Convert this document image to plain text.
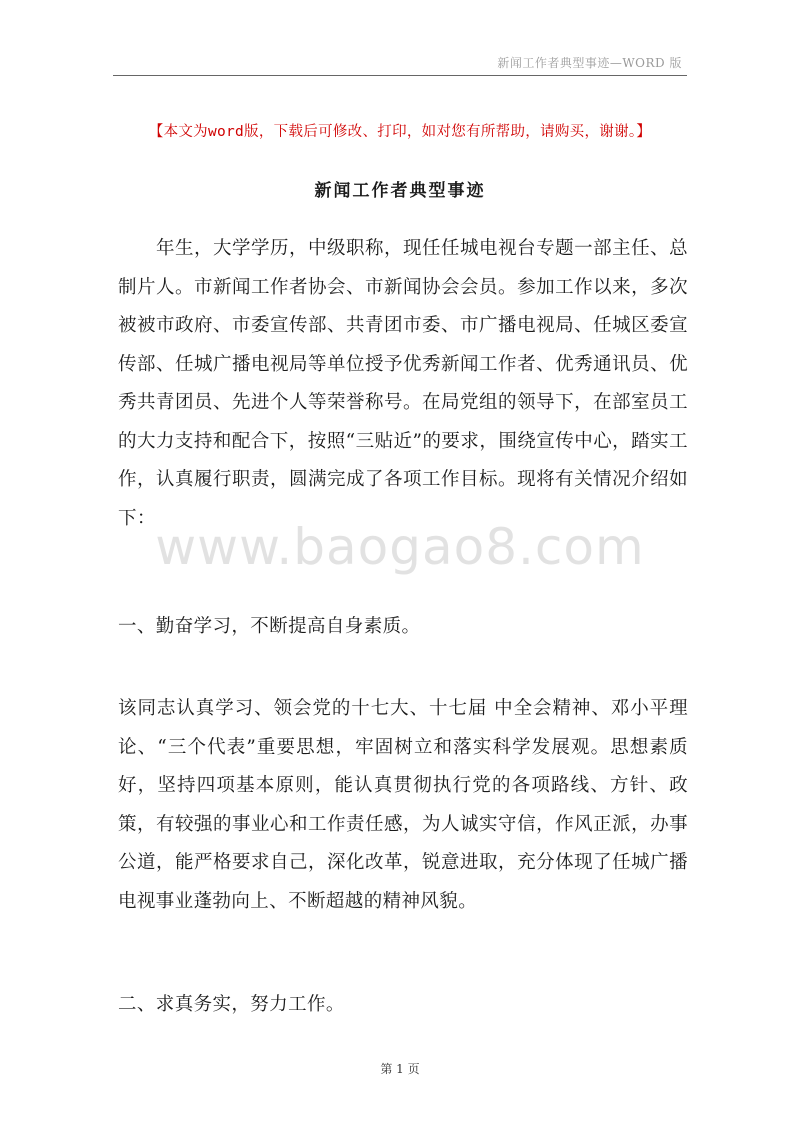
新闻工作者典型事迹—WORD 版
【本文为word版，下载后可修改、打印，如对您有所帮助，请购买，谢谢。】
新闻工作者典型事迹

年生，大学学历，中级职称，现任任城电视台专题一部主任、总制片人。市新闻工作者协会、市新闻协会会员。参加工作以来，多次被被市政府、市委宣传部、共青团市委、市广播电视局、任城区委宣传部、任城广播电视局等单位授予优秀新闻工作者、优秀通讯员、优秀共青团员、先进个人等荣誉称号。在局党组的领导下，在部室员工的大力支持和配合下，按照“三贴近”的要求，围绕宣传中心，踏实工作，认真履行职责，圆满完成了各项工作目标。现将有关情况介绍如下： www.baogao8.com

一、勤奋学习，不断提高自身素质。

该同志认真学习、领会党的十七大、十七届 中全会精神、邓小平理论、“三个代表”重要思想，牢固树立和落实科学发展观。思想素质好，坚持四项基本原则，能认真贯彻执行党的各项路线、方针、政策，有较强的事业心和工作责任感，为人诚实守信，作风正派，办事公道，能严格要求自己，深化改革，锐意进取，充分体现了任城广播电视事业蓬勃向上、不断超越的精神风貌。

二、求真务实，努力工作。

第 1 页
